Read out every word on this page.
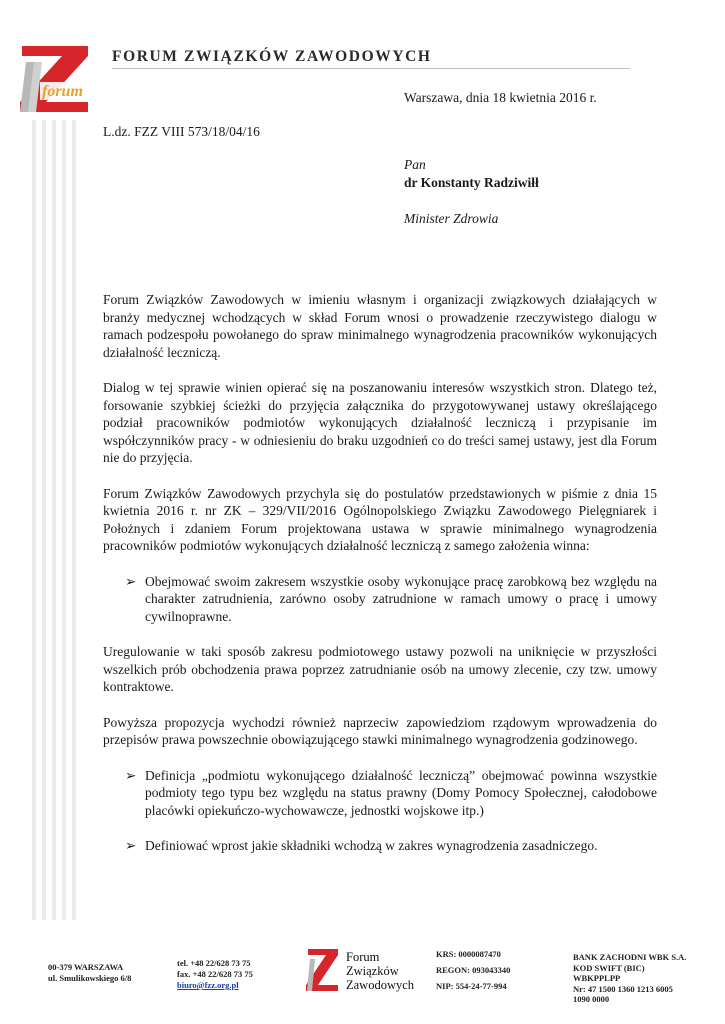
forum
FORUM ZWIĄZKÓW ZAWODOWYCH
Warszawa, dnia 18 kwietnia 2016 r.
L.dz. FZZ VIII 573/18/04/16
Pan
dr Konstanty Radziwiłł
Minister Zdrowia

Forum Związków Zawodowych w imieniu własnym i organizacji związkowych działających w branży medycznej wchodzących w skład Forum wnosi o prowadzenie rzeczywistego dialogu w ramach podzespołu powołanego do spraw minimalnego wynagrodzenia pracowników wykonujących działalność leczniczą.

Dialog w tej sprawie winien opierać się na poszanowaniu interesów wszystkich stron. Dlatego też, forsowanie szybkiej ścieżki do przyjęcia załącznika do przygotowywanej ustawy określającego podział pracowników podmiotów wykonujących działalność leczniczą i przypisanie im współczynników pracy - w odniesieniu do braku uzgodnień co do treści samej ustawy, jest dla Forum nie do przyjęcia.

Forum Związków Zawodowych przychyla się do postulatów przedstawionych w piśmie z dnia 15 kwietnia 2016 r. nr ZK – 329/VII/2016 Ogólnopolskiego Związku Zawodowego Pielęgniarek i Położnych i zdaniem Forum projektowana ustawa w sprawie minimalnego wynagrodzenia pracowników podmiotów wykonujących działalność leczniczą z samego założenia winna:

➢ Obejmować swoim zakresem wszystkie osoby wykonujące pracę zarobkową bez względu na charakter zatrudnienia, zarówno osoby zatrudnione w ramach umowy o pracę i umowy cywilnoprawne.

Uregulowanie w taki sposób zakresu podmiotowego ustawy pozwoli na uniknięcie w przyszłości wszelkich prób obchodzenia prawa poprzez zatrudnianie osób na umowy zlecenie, czy tzw. umowy kontraktowe.

Powyższa propozycja wychodzi również naprzeciw zapowiedziom rządowym wprowadzenia do przepisów prawa powszechnie obowiązującego stawki minimalnego wynagrodzenia godzinowego.

➢ Definicja „podmiotu wykonującego działalność leczniczą” obejmować powinna wszystkie podmioty tego typu bez względu na status prawny (Domy Pomocy Społecznej, całodobowe placówki opiekuńczo-wychowawcze, jednostki wojskowe itp.)
➢ Definiować wprost jakie składniki wchodzą w zakres wynagrodzenia zasadniczego.
00-379 WARSZAWA
ul. Smulikowskiego 6/8
tel. +48 22/628 73 75
fax. +48 22/628 73 75
biuro@fzz.org.pl
Forum
Związków
Zawodowych
KRS: 0000087470
REGON: 093043340
NIP: 554-24-77-994
BANK ZACHODNI WBK S.A.
KOD SWIFT (BIC)
WBKPPLPP
Nr: 47 1500 1360 1213 6005
1090 0000
